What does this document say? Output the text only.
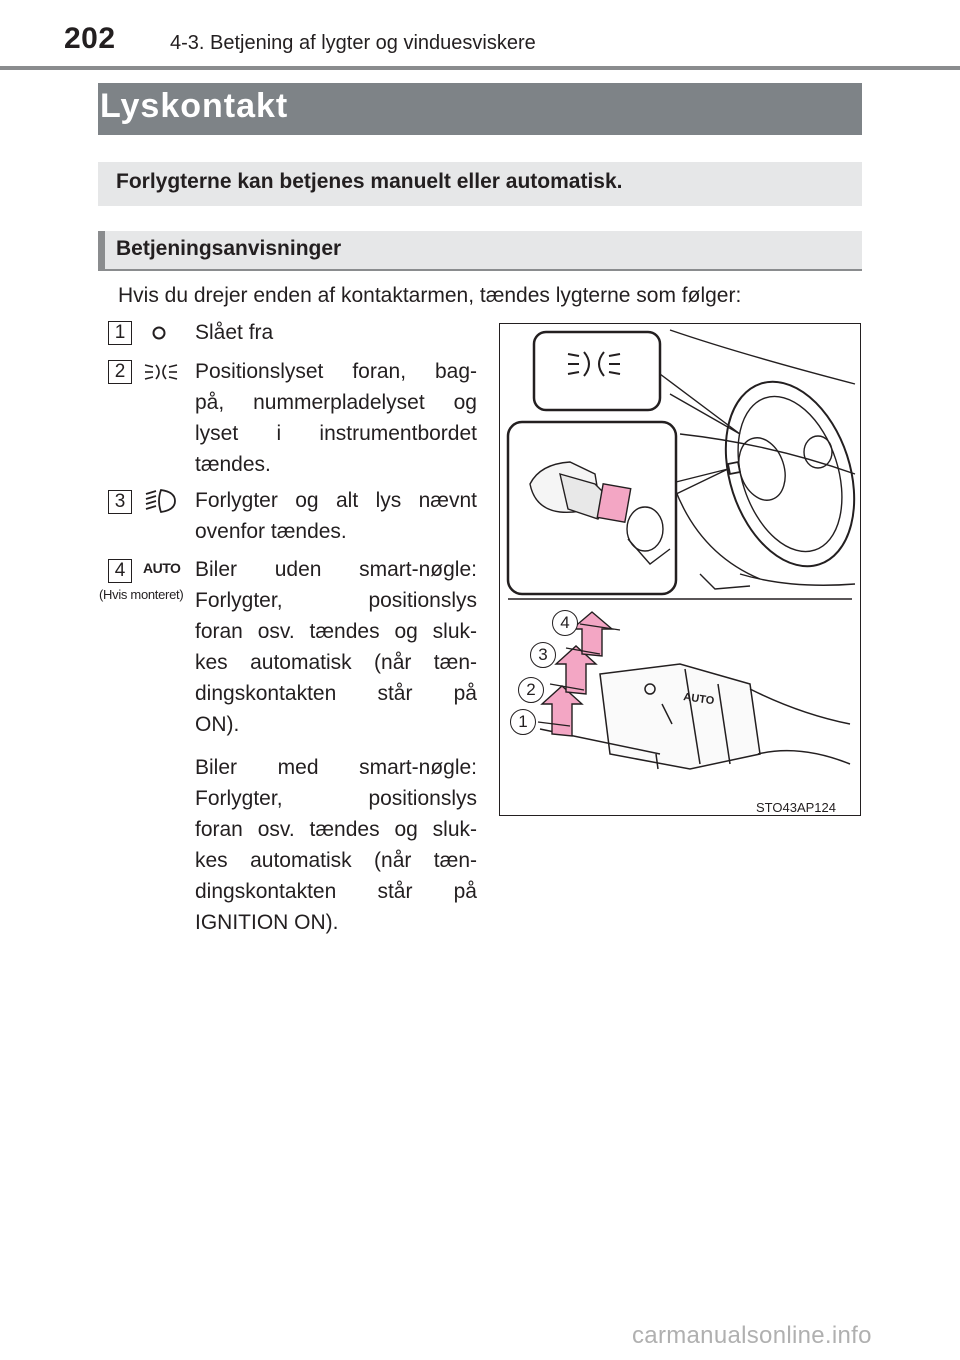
202	4-3. Betjening af lygter og vinduesviskere
Lyskontakt
Forlygterne kan betjenes manuelt eller automatisk.
Betjeningsanvisninger
Hvis du drejer enden af kontaktarmen, tændes lygterne som følger:
1	Slået fra
2	Positionslyset foran, bag-
på, nummerpladelyset og
lyset i instrumentbordet
tændes.
3	Forlygter og alt lys nævnt
ovenfor tændes.
4	AUTO
(Hvis monteret)
Biler uden smart-nøgle:
Forlygter, positionslys
foran osv. tændes og sluk-
kes automatisk (når tæn-
dingskontakten står på
ON).
Biler med smart-nøgle:
Forlygter, positionslys
foran osv. tændes og sluk-
kes automatisk (når tæn-
dingskontakten står på
IGNITION ON).
AUTO
1
2
3
4
STO43AP124
carmanualsonline.info
